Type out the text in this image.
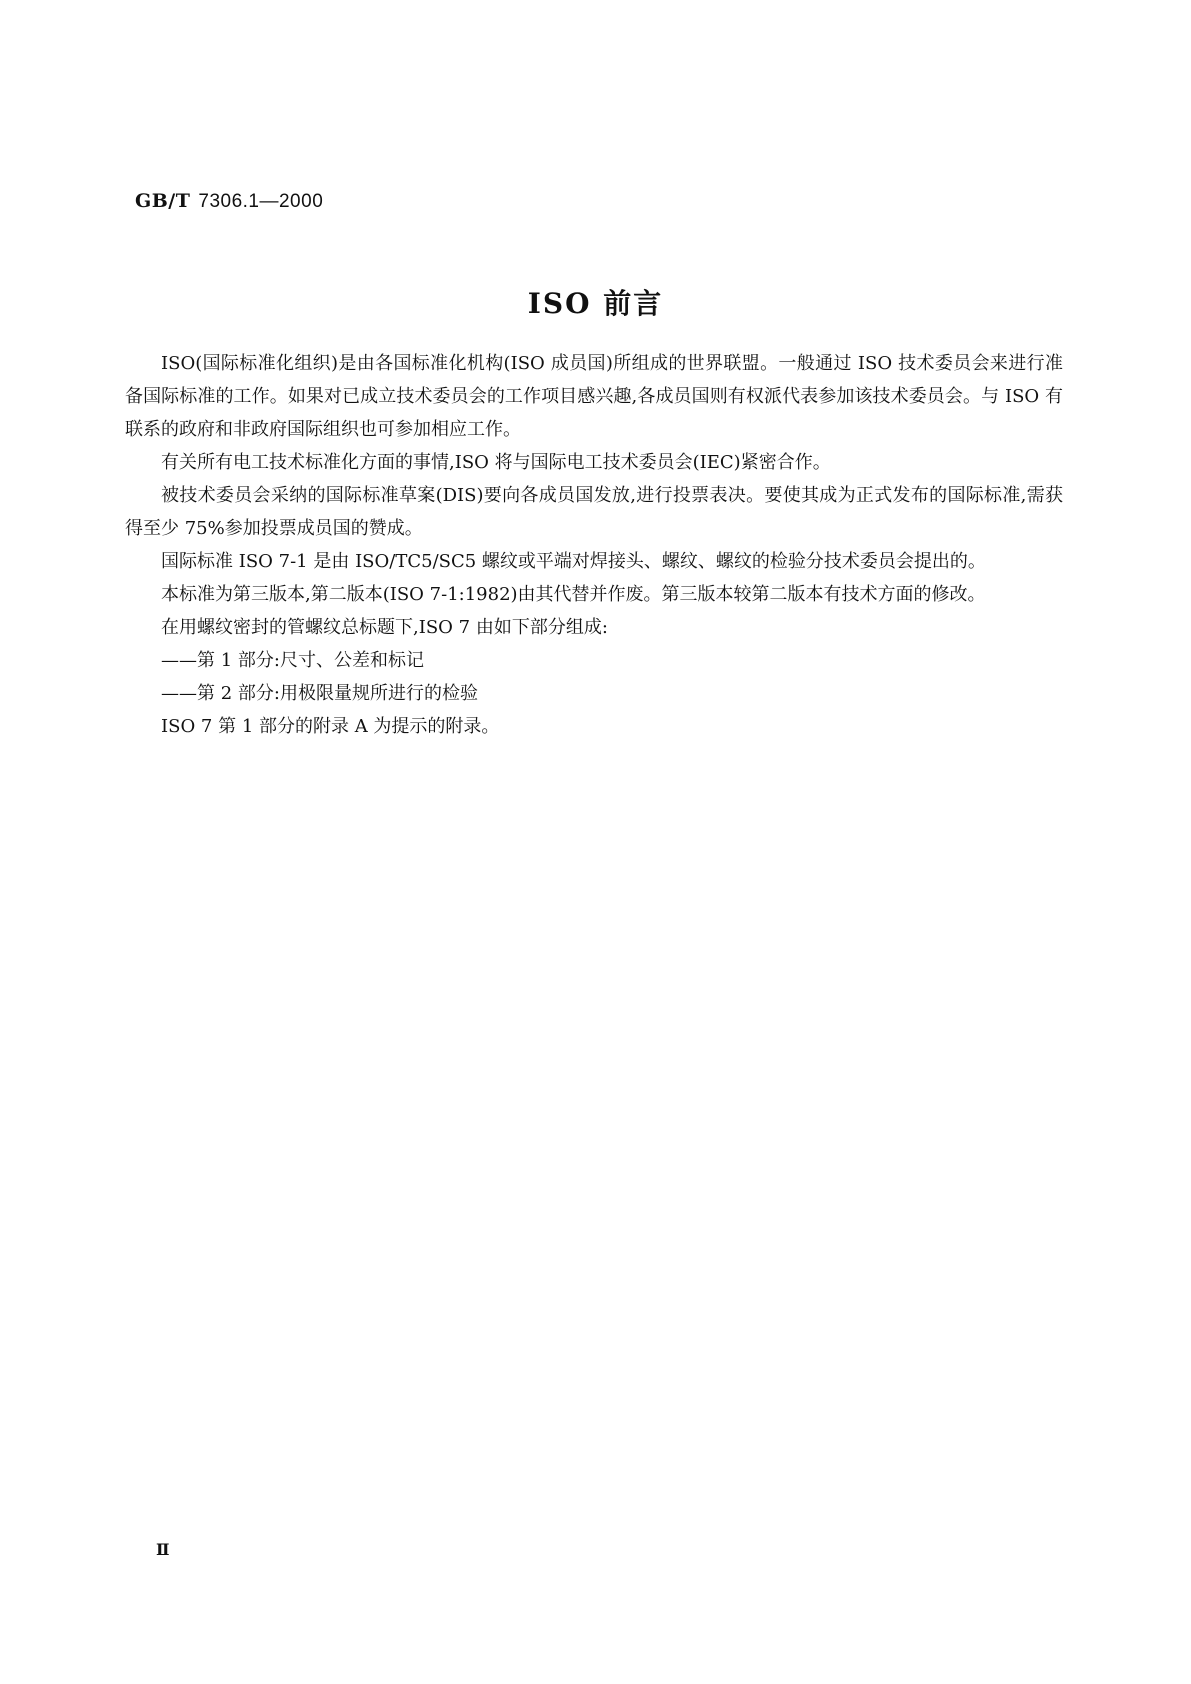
GB/T 7306.1—2000
ISO 前言

ISO(国际标准化组织)是由各国标准化机构(ISO 成员国)所组成的世界联盟。一般通过 ISO 技术委员会来进行准备国际标准的工作。如果对已成立技术委员会的工作项目感兴趣,各成员国则有权派代表参加该技术委员会。与 ISO 有联系的政府和非政府国际组织也可参加相应工作。

有关所有电工技术标准化方面的事情,ISO 将与国际电工技术委员会(IEC)紧密合作。

被技术委员会采纳的国际标准草案(DIS)要向各成员国发放,进行投票表决。要使其成为正式发布的国际标准,需获得至少 75%参加投票成员国的赞成。

国际标准 ISO 7-1 是由 ISO/TC5/SC5 螺纹或平端对焊接头、螺纹、螺纹的检验分技术委员会提出的。

本标准为第三版本,第二版本(ISO 7-1:1982)由其代替并作废。第三版本较第二版本有技术方面的修改。

在用螺纹密封的管螺纹总标题下,ISO 7 由如下部分组成:

——第 1 部分:尺寸、公差和标记

——第 2 部分:用极限量规所进行的检验

ISO 7 第 1 部分的附录 A 为提示的附录。

Ⅱ
